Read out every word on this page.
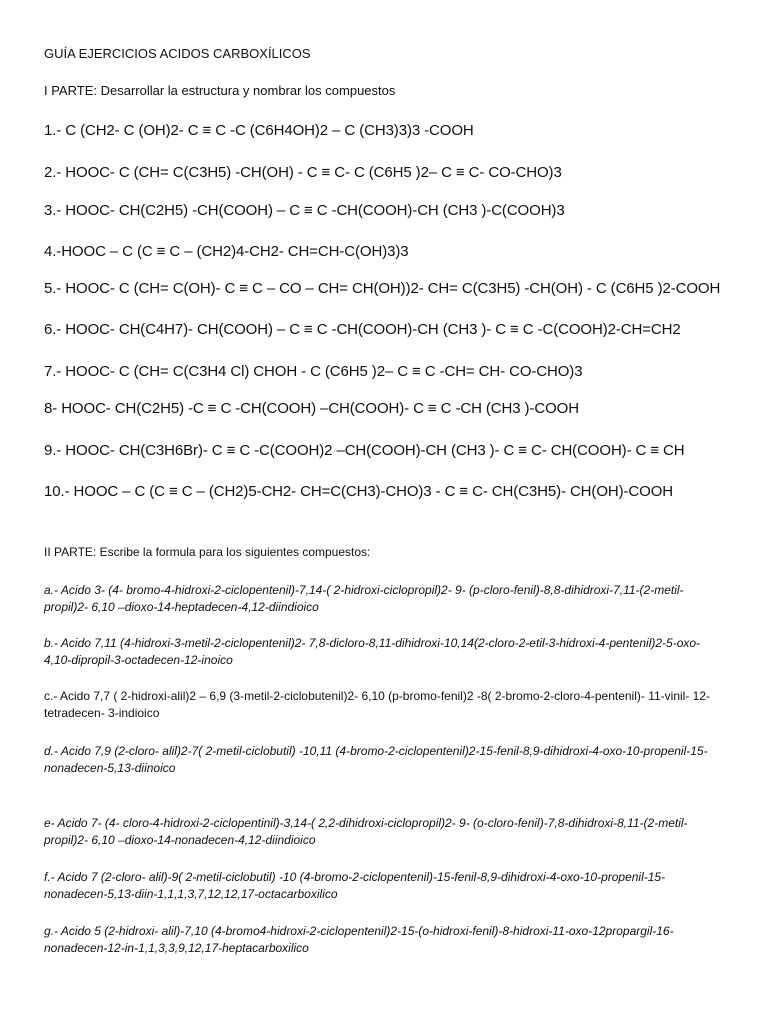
GUÍA EJERCICIOS ACIDOS CARBOXÍLICOS
I PARTE: Desarrollar la estructura y nombrar los compuestos
1.- C (CH2- C (OH)2- C ≡ C -C (C6H4OH)2 – C (CH3)3)3 -COOH
2.- HOOC- C (CH= C(C3H5) -CH(OH) - C ≡ C- C (C6H5 )2– C ≡ C- CO-CHO)3
3.- HOOC- CH(C2H5) -CH(COOH) – C ≡ C -CH(COOH)-CH (CH3 )-C(COOH)3
4.-HOOC – C (C ≡ C – (CH2)4-CH2- CH=CH-C(OH)3)3
5.- HOOC- C (CH= C(OH)- C ≡ C – CO – CH= CH(OH))2- CH= C(C3H5) -CH(OH) - C (C6H5 )2-COOH
6.- HOOC- CH(C4H7)- CH(COOH) – C ≡ C -CH(COOH)-CH (CH3 )- C ≡ C -C(COOH)2-CH=CH2
7.- HOOC- C (CH= C(C3H4 Cl) CHOH - C (C6H5 )2– C ≡ C -CH= CH- CO-CHO)3
8- HOOC- CH(C2H5) -C ≡ C -CH(COOH) –CH(COOH)- C ≡ C -CH (CH3 )-COOH
9.- HOOC- CH(C3H6Br)- C ≡ C -C(COOH)2 –CH(COOH)-CH (CH3 )- C ≡ C- CH(COOH)- C ≡ CH
10.- HOOC – C (C ≡ C – (CH2)5-CH2- CH=C(CH3)-CHO)3 - C ≡ C- CH(C3H5)- CH(OH)-COOH
II PARTE: Escribe la formula para los siguientes compuestos:
a.- Acido 3- (4- bromo-4-hidroxi-2-ciclopentenil)-7,14-( 2-hidroxi-ciclopropil)2- 9- (p-cloro-fenil)-8,8-dihidroxi-7,11-(2-metil-propil)2- 6,10 –dioxo-14-heptadecen-4,12-diindioico
b.- Acido 7,11 (4-hidroxi-3-metil-2-ciclopentenil)2- 7,8-dicloro-8,11-dihidroxi-10,14(2-cloro-2-etil-3-hidroxi-4-pentenil)2-5-oxo-4,10-dipropil-3-octadecen-12-inoico
c.- Acido 7,7 ( 2-hidroxi-alil)2 – 6,9 (3-metil-2-ciclobutenil)2- 6,10 (p-bromo-fenil)2 -8( 2-bromo-2-cloro-4-pentenil)- 11-vinil- 12-tetradecen- 3-indioico
d.- Acido 7,9 (2-cloro- alil)2-7( 2-metil-ciclobutil) -10,11 (4-bromo-2-ciclopentenil)2-15-fenil-8,9-dihidroxi-4-oxo-10-propenil-15-nonadecen-5,13-diinoico
e- Acido 7- (4- cloro-4-hidroxi-2-ciclopentinil)-3,14-( 2,2-dihidroxi-ciclopropil)2- 9- (o-cloro-fenil)-7,8-dihidroxi-8,11-(2-metil-propil)2- 6,10 –dioxo-14-nonadecen-4,12-diindioico
f.- Acido 7 (2-cloro- alil)-9( 2-metil-ciclobutil) -10 (4-bromo-2-ciclopentenil)-15-fenil-8,9-dihidroxi-4-oxo-10-propenil-15-nonadecen-5,13-diin-1,1,1,3,7,12,12,17-octacarboxilico
g.- Acido 5 (2-hidroxi- alil)-7,10 (4-bromo4-hidroxi-2-ciclopentenil)2-15-(o-hidroxi-fenil)-8-hidroxi-11-oxo-12propargil-16-nonadecen-12-in-1,1,3,3,9,12,17-heptacarboxilico
